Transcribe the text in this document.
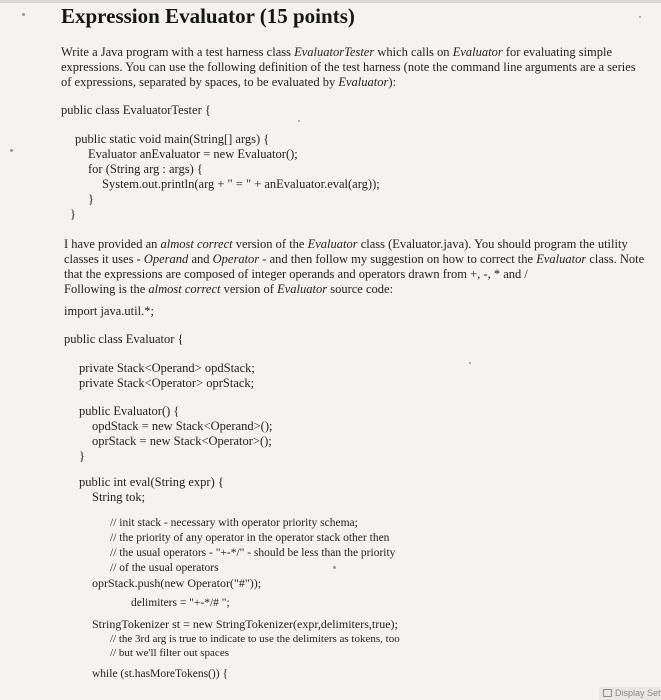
Expression Evaluator (15 points)
Write a Java program with a test harness class EvaluatorTester which calls on Evaluator for evaluating simple
expressions. You can use the following definition of the test harness (note the command line arguments are a series
of expressions, separated by spaces, to be evaluated by Evaluator):
public class EvaluatorTester {
public static void main(String[] args) {
Evaluator anEvaluator = new Evaluator();
for (String arg : args) {
System.out.println(arg + " = " + anEvaluator.eval(arg));
}
}
I have provided an almost correct version of the Evaluator class (Evaluator.java). You should program the utility
classes it uses - Operand and Operator - and then follow my suggestion on how to correct the Evaluator class. Note
that the expressions are composed of integer operands and operators drawn from +, -, * and /
Following is the almost correct version of Evaluator source code:
import java.util.*;
public class Evaluator {
private Stack<Operand> opdStack;
private Stack<Operator> oprStack;
public Evaluator() {
opdStack = new Stack<Operand>();
oprStack = new Stack<Operator>();
}
public int eval(String expr) {
String tok;
// init stack - necessary with operator priority schema;
// the priority of any operator in the operator stack other then
// the usual operators - "+-*/" - should be less than the priority
// of the usual operators
oprStack.push(new Operator("#"));
delimiters = "+-*/# ";
StringTokenizer st = new StringTokenizer(expr,delimiters,true);
// the 3rd arg is true to indicate to use the delimiters as tokens, too
// but we'll filter out spaces
while (st.hasMoreTokens()) {
Display Set
